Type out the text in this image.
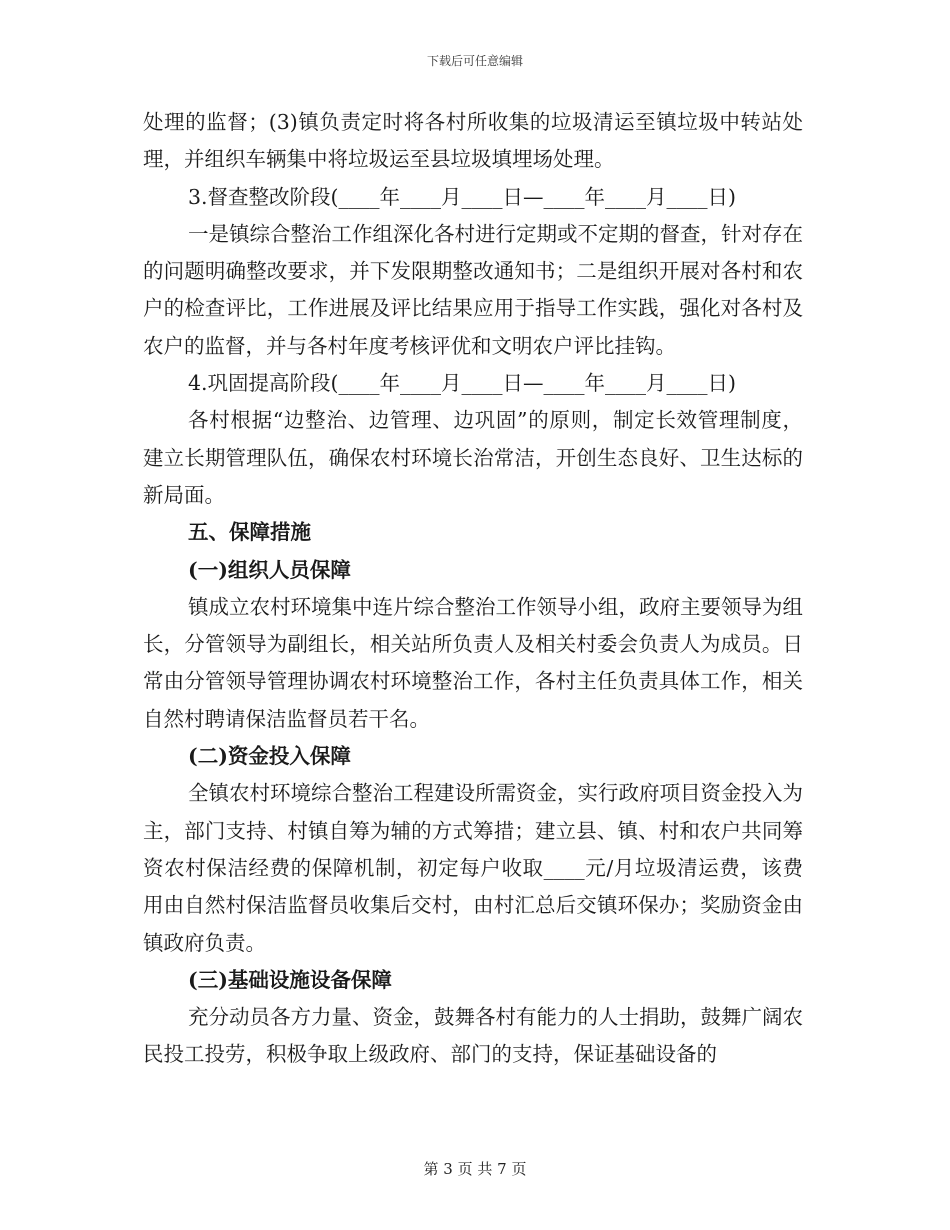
下载后可任意编辑

处理的监督；(3)镇负责定时将各村所收集的垃圾清运至镇垃圾中转站处理，并组织车辆集中将垃圾运至县垃圾填埋场处理。

3.督查整改阶段(____年____月____日—____年____月____日)

一是镇综合整治工作组深化各村进行定期或不定期的督查，针对存在的问题明确整改要求，并下发限期整改通知书；二是组织开展对各村和农户的检查评比，工作进展及评比结果应用于指导工作实践，强化对各村及农户的监督，并与各村年度考核评优和文明农户评比挂钩。

4.巩固提高阶段(____年____月____日—____年____月____日)

各村根据“边整治、边管理、边巩固”的原则，制定长效管理制度，建立长期管理队伍，确保农村环境长治常洁，开创生态良好、卫生达标的新局面。

五、保障措施

(一)组织人员保障

镇成立农村环境集中连片综合整治工作领导小组，政府主要领导为组长，分管领导为副组长，相关站所负责人及相关村委会负责人为成员。日常由分管领导管理协调农村环境整治工作，各村主任负责具体工作，相关自然村聘请保洁监督员若干名。

(二)资金投入保障

全镇农村环境综合整治工程建设所需资金，实行政府项目资金投入为主，部门支持、村镇自筹为辅的方式筹措；建立县、镇、村和农户共同筹资农村保洁经费的保障机制，初定每户收取____元/月垃圾清运费，该费用由自然村保洁监督员收集后交村，由村汇总后交镇环保办；奖励资金由镇政府负责。

(三)基础设施设备保障

充分动员各方力量、资金，鼓舞各村有能力的人士捐助，鼓舞广阔农民投工投劳，积极争取上级政府、部门的支持，保证基础设备的

第 3 页 共 7 页
